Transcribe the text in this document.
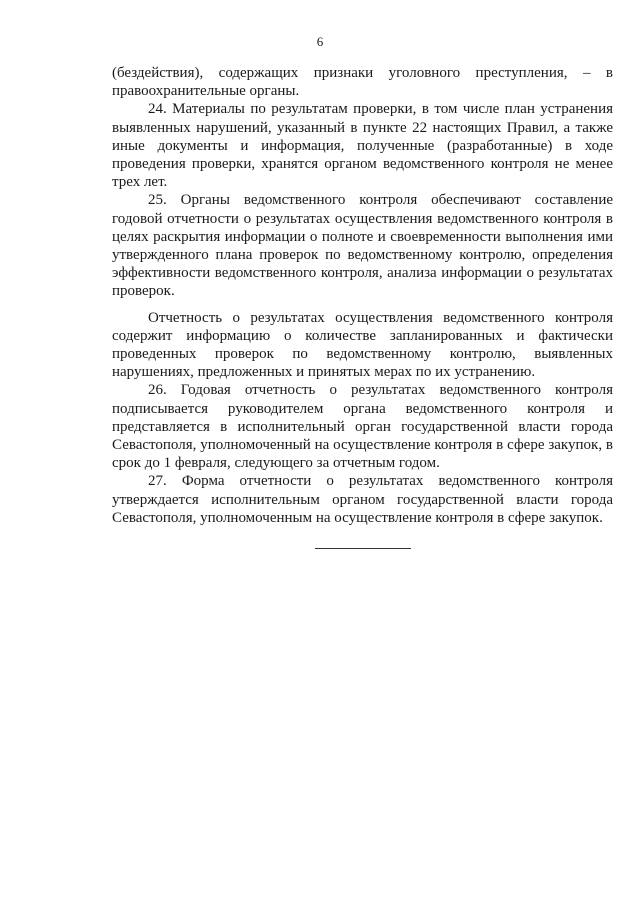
6

(бездействия), содержащих признаки уголовного преступления, – в правоохранительные органы.

24. Материалы по результатам проверки, в том числе план устранения выявленных нарушений, указанный в пункте 22 настоящих Правил, а также иные документы и информация, полученные (разработанные) в ходе проведения проверки, хранятся органом ведомственного контроля не менее трех лет.

25. Органы ведомственного контроля обеспечивают составление годовой отчетности о результатах осуществления ведомственного контроля в целях раскрытия информации о полноте и своевременности выполнения ими утвержденного плана проверок по ведомственному контролю, определения эффективности ведомственного контроля, анализа информации о результатах проверок.

Отчетность о результатах осуществления ведомственного контроля содержит информацию о количестве запланированных и фактически проведенных проверок по ведомственному контролю, выявленных нарушениях, предложенных и принятых мерах по их устранению.

26. Годовая отчетность о результатах ведомственного контроля подписывается руководителем органа ведомственного контроля и представляется в исполнительный орган государственной власти города Севастополя, уполномоченный на осуществление контроля в сфере закупок, в срок до 1 февраля, следующего за отчетным годом.

27. Форма отчетности о результатах ведомственного контроля утверждается исполнительным органом государственной власти города Севастополя, уполномоченным на осуществление контроля в сфере закупок.
